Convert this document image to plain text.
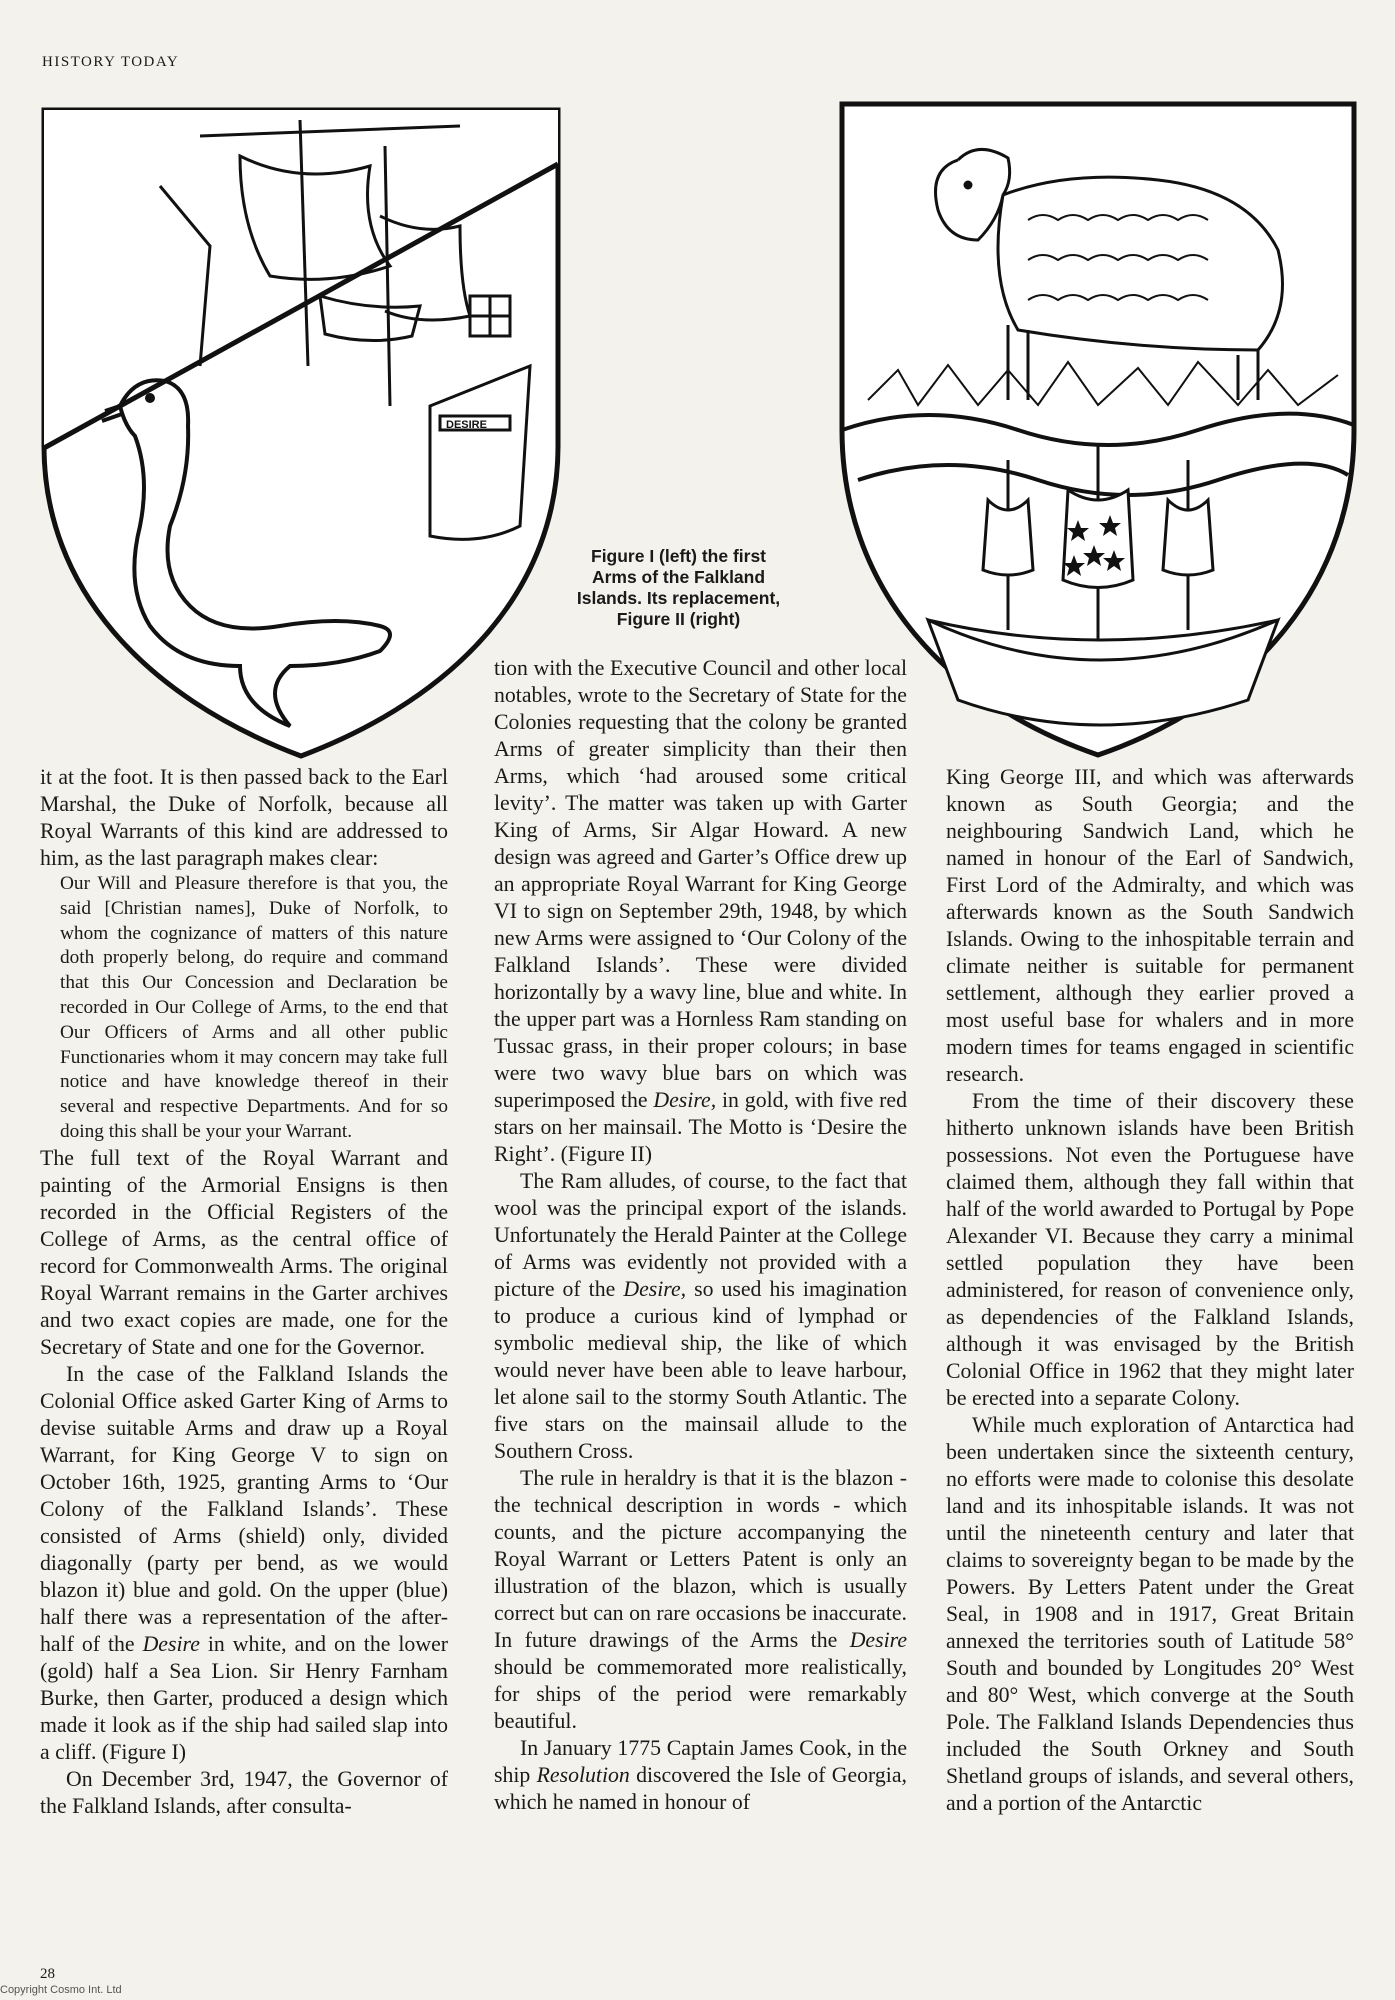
HISTORY TODAY
DESIRE
Figure I (left) the first
Arms of the Falkland
Islands. Its replacement,
Figure II (right)

it at the foot. It is then passed back to the Earl Marshal, the Duke of Norfolk, because all Royal Warrants of this kind are addressed to him, as the last paragraph makes clear:

Our Will and Pleasure therefore is that you, the said [Christian names], Duke of Norfolk, to whom the cognizance of matters of this nature doth properly belong, do require and command that this Our Concession and Declaration be recorded in Our College of Arms, to the end that Our Officers of Arms and all other public Functionaries whom it may concern may take full notice and have knowledge thereof in their several and respective Departments. And for so doing this shall be your your Warrant.

The full text of the Royal Warrant and painting of the Armorial Ensigns is then recorded in the Official Registers of the College of Arms, as the central office of record for Commonwealth Arms. The original Royal Warrant remains in the Garter archives and two exact copies are made, one for the Secretary of State and one for the Governor.

In the case of the Falkland Islands the Colonial Office asked Garter King of Arms to devise suitable Arms and draw up a Royal Warrant, for King George V to sign on October 16th, 1925, granting Arms to ‘Our Colony of the Falkland Islands’. These consisted of Arms (shield) only, divided diagonally (party per bend, as we would blazon it) blue and gold. On the upper (blue) half there was a representation of the after-half of the Desire in white, and on the lower (gold) half a Sea Lion. Sir Henry Farnham Burke, then Garter, produced a design which made it look as if the ship had sailed slap into a cliff. (Figure I)

On December 3rd, 1947, the Governor of the Falkland Islands, after consulta-

tion with the Executive Council and other local notables, wrote to the Secretary of State for the Colonies requesting that the colony be granted Arms of greater simplicity than their then Arms, which ‘had aroused some critical levity’. The matter was taken up with Garter King of Arms, Sir Algar Howard. A new design was agreed and Garter’s Office drew up an appropriate Royal Warrant for King George VI to sign on September 29th, 1948, by which new Arms were assigned to ‘Our Colony of the Falkland Islands’. These were divided horizontally by a wavy line, blue and white. In the upper part was a Hornless Ram standing on Tussac grass, in their proper colours; in base were two wavy blue bars on which was superimposed the Desire, in gold, with five red stars on her mainsail. The Motto is ‘Desire the Right’. (Figure II)

The Ram alludes, of course, to the fact that wool was the principal export of the islands. Unfortunately the Herald Painter at the College of Arms was evidently not provided with a picture of the Desire, so used his imagination to produce a curious kind of lymphad or symbolic medieval ship, the like of which would never have been able to leave harbour, let alone sail to the stormy South Atlantic. The five stars on the mainsail allude to the Southern Cross.

The rule in heraldry is that it is the blazon - the technical description in words - which counts, and the picture accompanying the Royal Warrant or Letters Patent is only an illustration of the blazon, which is usually correct but can on rare occasions be inaccurate. In future drawings of the Arms the Desire should be commemorated more realistically, for ships of the period were remarkably beautiful.

In January 1775 Captain James Cook, in the ship Resolution discovered the Isle of Georgia, which he named in honour of

King George III, and which was afterwards known as South Georgia; and the neighbouring Sandwich Land, which he named in honour of the Earl of Sandwich, First Lord of the Admiralty, and which was afterwards known as the South Sandwich Islands. Owing to the inhospitable terrain and climate neither is suitable for permanent settlement, although they earlier proved a most useful base for whalers and in more modern times for teams engaged in scientific research.

From the time of their discovery these hitherto unknown islands have been British possessions. Not even the Portuguese have claimed them, although they fall within that half of the world awarded to Portugal by Pope Alexander VI. Because they carry a minimal settled population they have been administered, for reason of convenience only, as dependencies of the Falkland Islands, although it was envisaged by the British Colonial Office in 1962 that they might later be erected into a separate Colony.

While much exploration of Antarctica had been undertaken since the sixteenth century, no efforts were made to colonise this desolate land and its inhospitable islands. It was not until the nineteenth century and later that claims to sovereignty began to be made by the Powers. By Letters Patent under the Great Seal, in 1908 and in 1917, Great Britain annexed the territories south of Latitude 58° South and bounded by Longitudes 20° West and 80° West, which converge at the South Pole. The Falkland Islands Dependencies thus included the South Orkney and South Shetland groups of islands, and several others, and a portion of the Antarctic

28
Copyright Cosmo Int. Ltd
